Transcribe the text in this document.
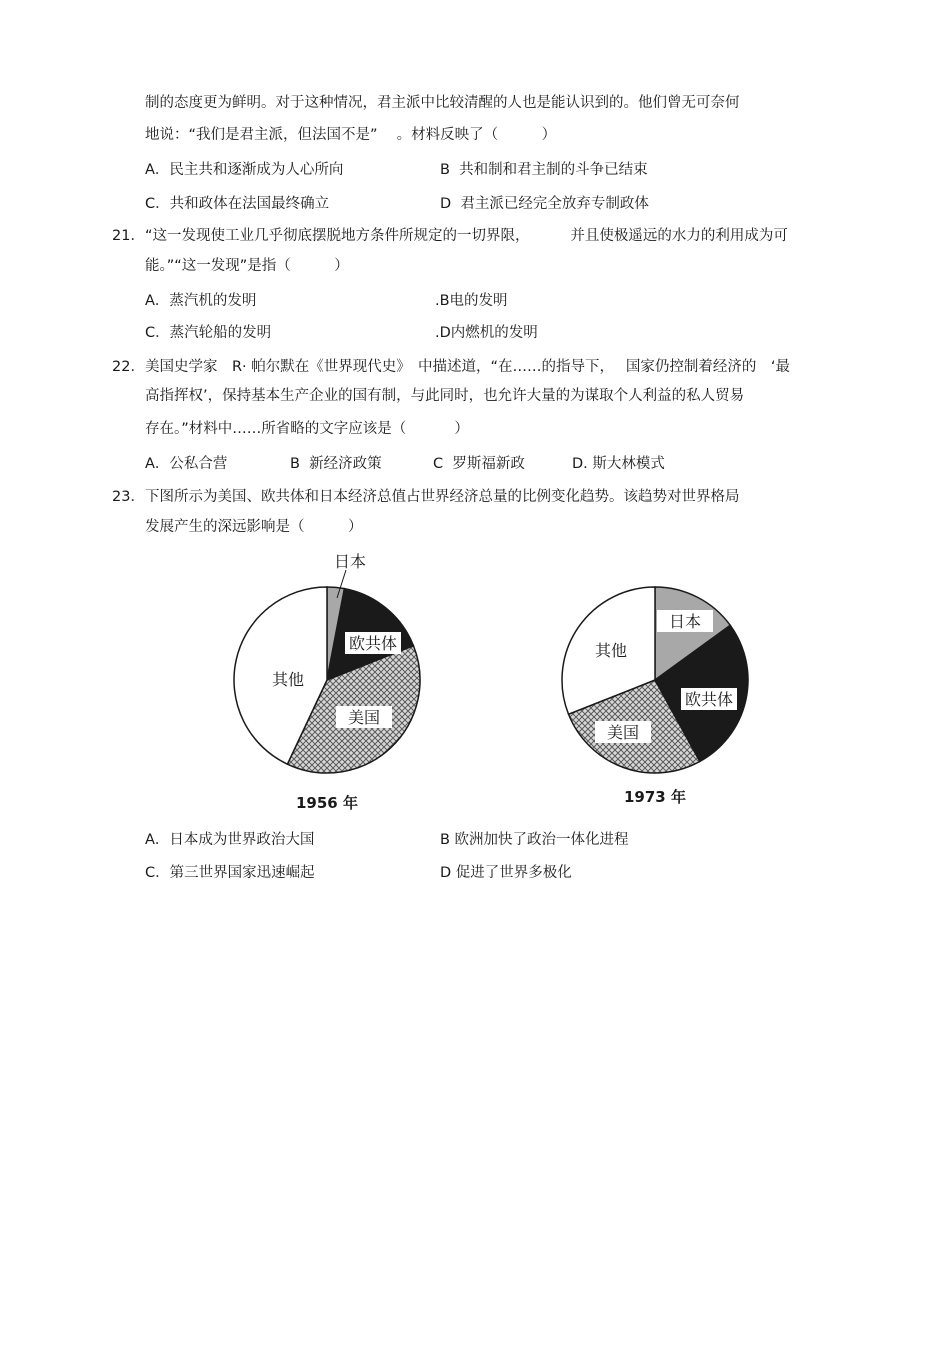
制的态度更为鲜明。对于这种情况，君主派中比较清醒的人也是能认识到的。他们曾无可奈何
地说：“我们是君主派，但法国不是”　 。材料反映了（　　　）
A．民主共和逐渐成为人心所向	B  共和制和君主制的斗争已结束
C．共和政体在法国最终确立	D  君主派已经完全放弃专制政体
21．“这一发现使工业几乎彻底摆脱地方条件所规定的一切界限，　　　 并且使极遥远的水力的利用成为可
能。”“这一发现”是指（　　　）
A．蒸汽机的发明	.B电的发明
C．蒸汽轮船的发明	.D内燃机的发明
22．美国史学家　R· 帕尔默在《世界现代史》　中描述道，“在……的指导下，　 国家仍控制着经济的　‘最
高指挥权’，保持基本生产企业的国有制，与此同时，也允许大量的为谋取个人利益的私人贸易
存在。”材料中……所省略的文字应该是（　　　 ）
A．公私合营	B  新经济政策	C  罗斯福新政	D. 斯大林模式
23．下图所示为美国、欧共体和日本经济总值占世界经济总量的比例变化趋势。该趋势对世界格局
发展产生的深远影响是（　　　）
日本
欧共体
美国
其他
1956 年
日本
欧共体
美国
其他
1973 年
A．日本成为世界政治大国	B 欧洲加快了政治一体化进程
C．第三世界国家迅速崛起	D 促进了世界多极化
